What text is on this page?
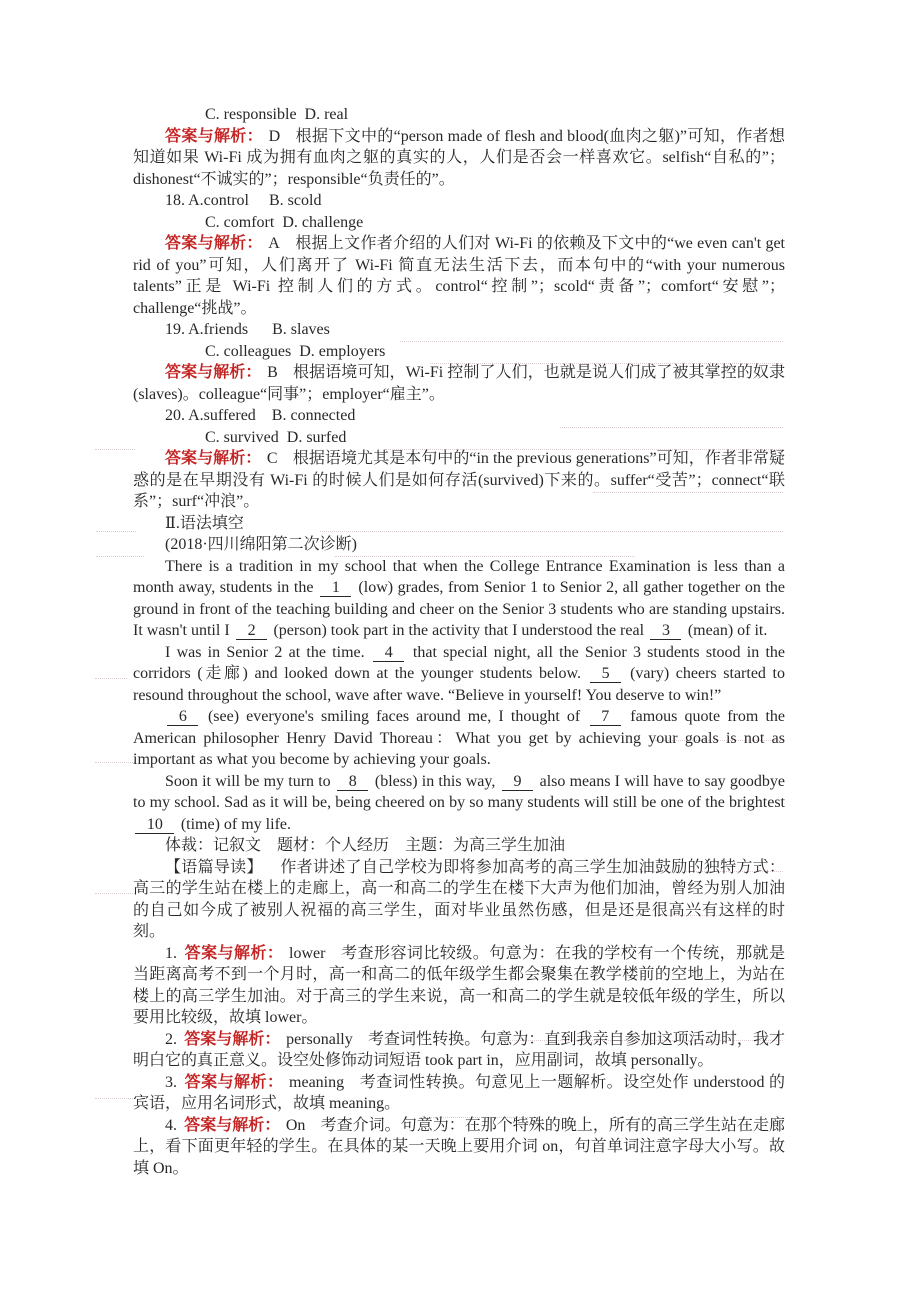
C. responsible  D. real
答案与解析： D 根据下文中的“person made of flesh and blood(血肉之躯)”可知，作者想知道如果 Wi-Fi 成为拥有血肉之躯的真实的人，人们是否会一样喜欢它。selfish“自私的”；dishonest“不诚实的”；responsible“负责任的”。
18. A.control     B. scold
C. comfort  D. challenge
答案与解析： A 根据上文作者介绍的人们对 Wi-Fi 的依赖及下文中的“we even can't get rid of you”可知，人们离开了 Wi-Fi 简直无法生活下去，而本句中的“with your numerous talents”正是 Wi-Fi 控制人们的方式。control“控制”；scold“责备”；comfort“安慰”；challenge“挑战”。
19. A.friends      B. slaves
C. colleagues  D. employers
答案与解析： B 根据语境可知，Wi-Fi 控制了人们，也就是说人们成了被其掌控的奴隶(slaves)。colleague“同事”；employer“雇主”。
20. A.suffered    B. connected
C. survived  D. surfed
答案与解析： C 根据语境尤其是本句中的“in the previous generations”可知，作者非常疑惑的是在早期没有 Wi-Fi 的时候人们是如何存活(survived)下来的。suffer“受苦”；connect“联系”；surf“冲浪”。
Ⅱ.语法填空
(2018·四川绵阳第二次诊断)
There is a tradition in my school that when the College Entrance Examination is less than a month away, students in the 1 (low) grades, from Senior 1 to Senior 2, all gather together on the ground in front of the teaching building and cheer on the Senior 3 students who are standing upstairs. It wasn't until I 2 (person) took part in the activity that I understood the real 3 (mean) of it.
I was in Senior 2 at the time. 4 that special night, all the Senior 3 students stood in the corridors (走廊) and looked down at the younger students below. 5 (vary) cheers started to resound throughout the school, wave after wave. “Believe in yourself! You deserve to win!”
6 (see) everyone's smiling faces around me, I thought of 7 famous quote from the American philosopher Henry David Thoreau：What you get by achieving your goals is not as important as what you become by achieving your goals.
Soon it will be my turn to 8 (bless) in this way, 9 also means I will have to say goodbye to my school. Sad as it will be, being cheered on by so many students will still be one of the brightest 10 (time) of my life.
体裁：记叙文　题材：个人经历　主题：为高三学生加油
【语篇导读】 作者讲述了自己学校为即将参加高考的高三学生加油鼓励的独特方式：高三的学生站在楼上的走廊上，高一和高二的学生在楼下大声为他们加油，曾经为别人加油的自己如今成了被别人祝福的高三学生，面对毕业虽然伤感，但是还是很高兴有这样的时刻。
1. 答案与解析： lower 考查形容词比较级。句意为：在我的学校有一个传统，那就是当距离高考不到一个月时，高一和高二的低年级学生都会聚集在教学楼前的空地上，为站在楼上的高三学生加油。对于高三的学生来说，高一和高二的学生就是较低年级的学生，所以要用比较级，故填 lower。
2. 答案与解析： personally 考查词性转换。句意为：直到我亲自参加这项活动时，我才明白它的真正意义。设空处修饰动词短语 took part in，应用副词，故填 personally。
3. 答案与解析： meaning 考查词性转换。句意见上一题解析。设空处作 understood 的宾语，应用名词形式，故填 meaning。
4. 答案与解析： On 考查介词。句意为：在那个特殊的晚上，所有的高三学生站在走廊上，看下面更年轻的学生。在具体的某一天晚上要用介词 on，句首单词注意字母大小写。故填 On。
